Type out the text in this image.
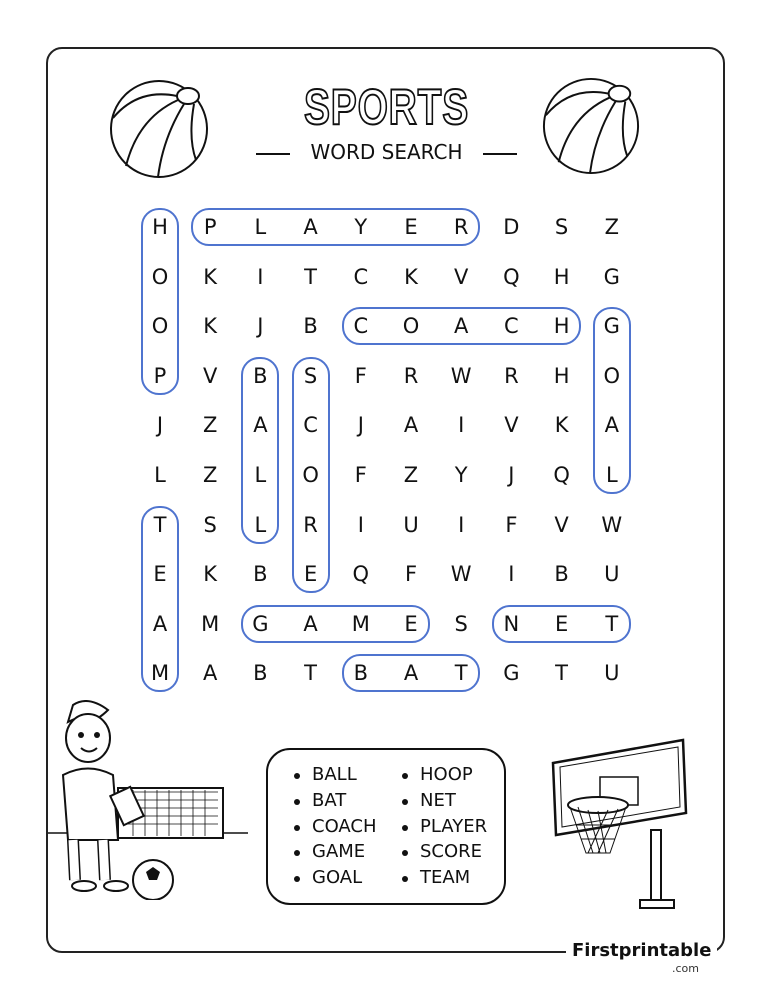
SPORTS
WORD SEARCH
H	P	L	A	Y	E	R	D	S	Z
O	K	I	T	C	K	V	Q	H	G
O	K	J	B	C	O	A	C	H	G
P	V	B	S	F	R	W	R	H	O
J	Z	A	C	J	A	I	V	K	A
L	Z	L	O	F	Z	Y	J	Q	L
T	S	L	R	I	U	I	F	V	W
E	K	B	E	Q	F	W	I	B	U
A	M	G	A	M	E	S	N	E	T
M	A	B	T	B	A	T	G	T	U
BALL
BAT
COACH
GAME
GOAL
HOOP
NET
PLAYER
SCORE
TEAM
Firstprintable
.com
